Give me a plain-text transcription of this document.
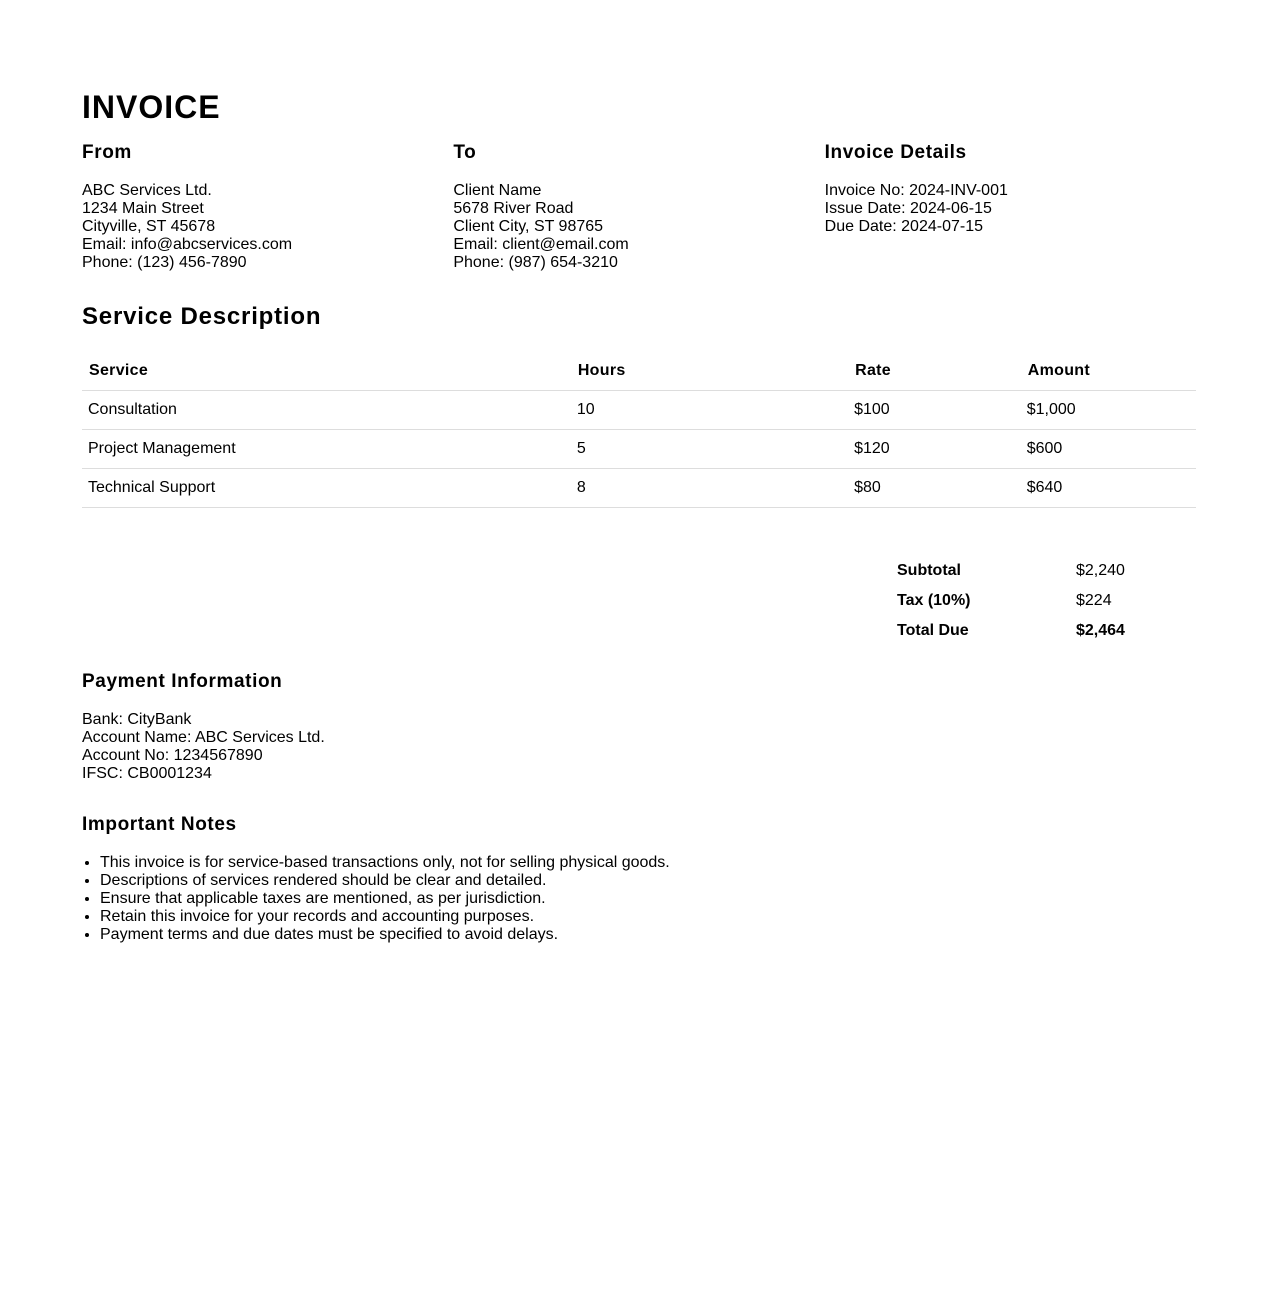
INVOICE
From
ABC Services Ltd.
1234 Main Street
Cityville, ST 45678
Email: info@abcservices.com
Phone: (123) 456-7890
To
Client Name
5678 River Road
Client City, ST 98765
Email: client@email.com
Phone: (987) 654-3210
Invoice Details
Invoice No: 2024-INV-001
Issue Date: 2024-06-15
Due Date: 2024-07-15
Service Description
Service	Hours	Rate	Amount
Consultation	10	$100	$1,000
Project Management	5	$120	$600
Technical Support	8	$80	$640
Subtotal	$2,240
Tax (10%)	$224
Total Due	$2,464
Payment Information
Bank: CityBank
Account Name: ABC Services Ltd.
Account No: 1234567890
IFSC: CB0001234
Important Notes
• This invoice is for service-based transactions only, not for selling physical goods.
• Descriptions of services rendered should be clear and detailed.
• Ensure that applicable taxes are mentioned, as per jurisdiction.
• Retain this invoice for your records and accounting purposes.
• Payment terms and due dates must be specified to avoid delays.
